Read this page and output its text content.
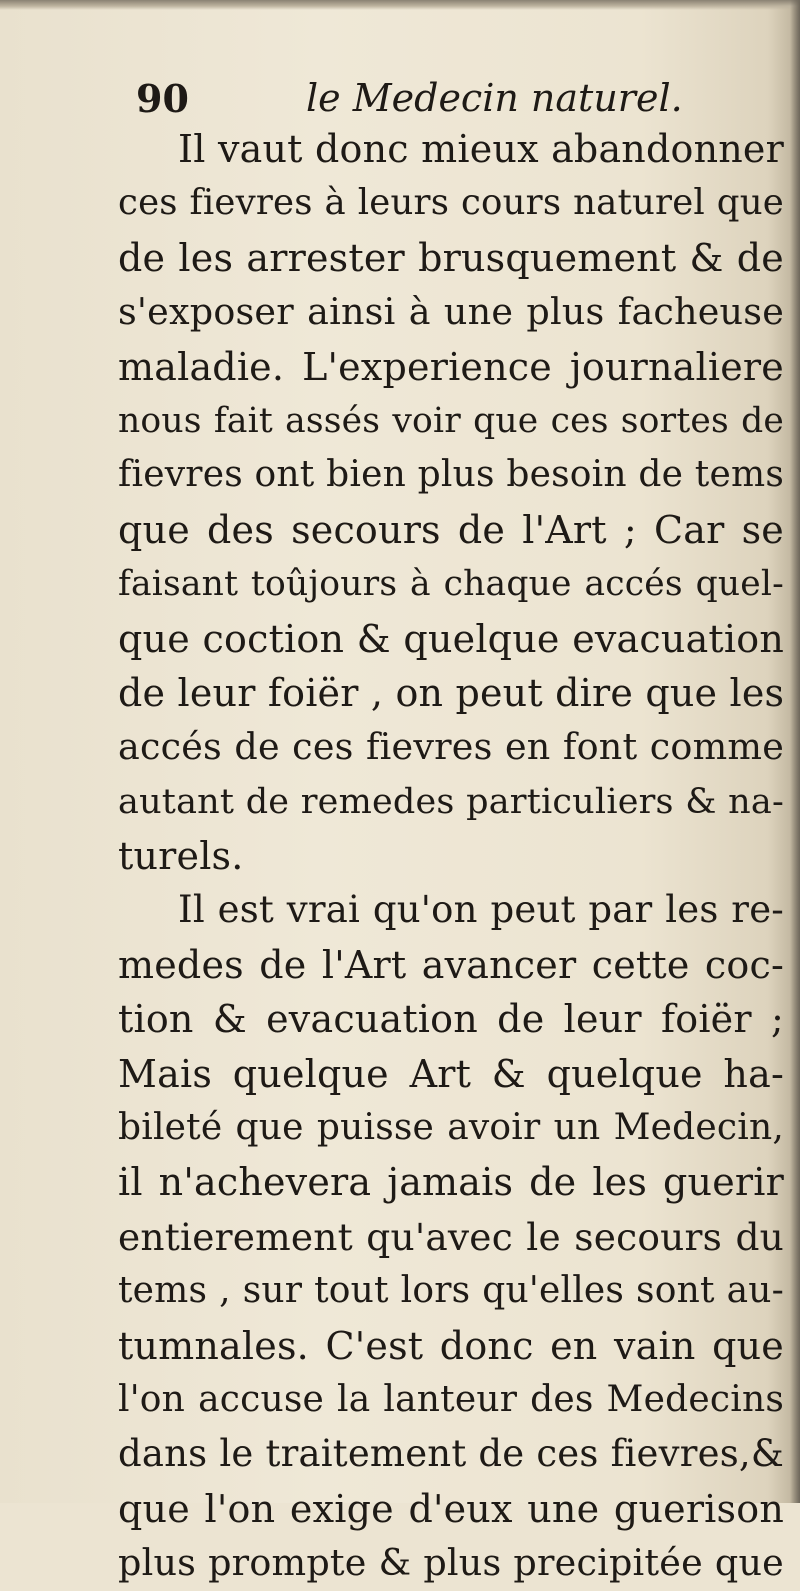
90	le Medecin naturel.
Il vaut donc mieux abandonner
ces fievres à leurs cours naturel que
de les arrester brusquement & de
s'exposer ainsi à une plus facheuse
maladie. L'experience journaliere
nous fait assés voir que ces sortes de
fievres ont bien plus besoin de tems
que des secours de l'Art ; Car se
faisant toûjours à chaque accés quel-
que coction & quelque evacuation
de leur foiër , on peut dire que les
accés de ces fievres en font comme
autant de remedes particuliers & na-
turels.
Il est vrai qu'on peut par les re-
medes de l'Art avancer cette coc-
tion & evacuation de leur foiër ;
Mais quelque Art & quelque ha-
bileté que puisse avoir un Medecin,
il n'achevera jamais de les guerir
entierement qu'avec le secours du
tems , sur tout lors qu'elles sont au-
tumnales. C'est donc en vain que
l'on accuse la lanteur des Medecins
dans le traitement de ces fievres,&
que l'on exige d'eux une guerison
plus prompte & plus precipitée que
